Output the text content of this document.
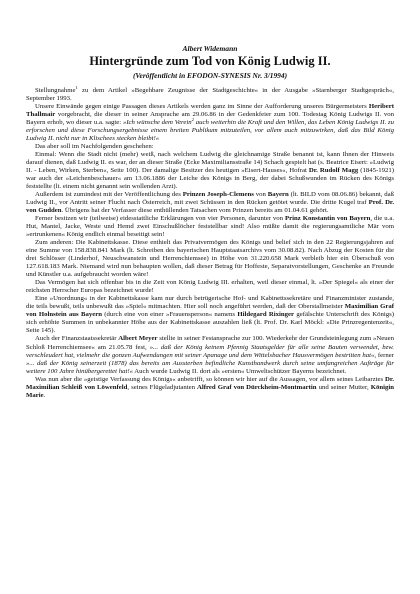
Albert Widemann
Hintergründe zum Tod von König Ludwig II.
(Veröffentlicht in EFODON-SYNESIS Nr. 3/1994)

Stellungnahme$^1$ zu dem Artikel »Begehbare Zeugnisse der Stadtgeschichte« in der Ausgabe »Starnberger Stadtgespräch«, September 1993.

Unsere Einwände gegen einige Passagen dieses Artikels werden ganz im Sinne der Aufforderung unseres Bürgermeisters Heribert Thallmair vorgebracht, die dieser in seiner Ansprache am 29.06.86 in der Gedenkfeier zum 100. Todestag König Ludwigs II. von Bayern erhob, wo dieser u.a. sagte: »Ich wünsche dem Verein$^2$ auch weiterhin die Kraft und den Willen, das Leben König Ludwigs II. zu erforschen und diese Forschungsergebnisse einem breiten Publikum mitzuteilen, vor allem auch mitzuwirken, daß das Bild König Ludwig II. nicht nur in Klischees stecken bleibt!«

Das aber soll im Nachfolgenden geschehen:

Einmal: Wenn die Stadt nicht (mehr) weiß, nach welchem Ludwig die gleichnamige Straße benannt ist, kann Ihnen der Hinweis darauf dienen, daß Ludwig II. es war, der an dieser Straße (Ecke Maximiliansstraße 14) Schach gespielt hat (s. Beatrice Eisert: »Ludwig II. - Leben, Wirken, Sterben«, Seite 100). Der damalige Besitzer des heutigen »Eisert-Hauses«, Hofrat Dr. Rudolf Magg (1845-1921) war auch der »Leichenbeschauer« am 13.06.1886 der Leiche des Königs in Berg, der dabei Schußwunden im Rücken des Königs feststellte (lt. einem nicht genannt sein wollenden Arzt).

Außerdem ist zumindest mit der Veröffentlichung des Prinzen Joseph-Clemens von Bayern (lt. BILD vom 08.06.86) bekannt, daß Ludwig II., vor Antritt seiner Flucht nach Österreich, mit zwei Schüssen in den Rücken getötet wurde. Die dritte Kugel traf Prof. Dr. von Gudden. Übrigens hat der Verfasser diese enthüllenden Tatsachen vom Prinzen bereits am 01.04.61 gehört.

Ferner besitzen wir (teilweise) eidesstattliche Erklärungen von vier Personen, darunter von Prinz Konstantin von Bayern, die u.a. Hut, Mantel, Jacke, Weste und Hemd zwei Einschußlöcher feststellbar sind! Also müßte damit die regierungsamtliche Mär vom »ertrunkenen« König endlich einmal beseitigt sein!

Zum anderen: Die Kabinettskasse. Diese enthielt das Privatvermögen des Königs und belief sich in den 22 Regierungsjahren auf eine Summe von 158.838.841 Mark (lt. Schreiben des bayerischen Hauptstaatsarchivs vom 30.08.82). Nach Abzug der Kosten für die drei Schlösser (Linderhof, Neuschwanstein und Herrenchiemsee) in Höhe von 31.220.658 Mark verbleib hier ein Überschuß von 127.618.183 Mark. Niemand wird nun behaupten wollen, daß dieser Betrag für Hoffeste, Separatvorstellungen, Geschenke an Freunde und Künstler u.a. aufgebraucht worden wäre!

Das Vermögen hat sich offenbar bis in die Zeit von König Ludwig III. erhalten, weil dieser einmal, lt. »Der Spiegel« als einer der reichsten Herrscher Europas bezeichnet wurde!

Eine »Unordnung« in der Kabinettskasse kam nur durch betrügerische Hof- und Kabinettssekretäre und Finanzminister zustande, die teils bewußt, teils unbewußt das »Spiel« mitmachten. Hier soll noch angeführt werden, daß der Oberstallmeister Maximilian Graf von Holnstein aus Bayern (durch eine von einer »Frauensperson« namens Hildegard Rixinger gefälschte Unterschrift des Königs) sich erhöhte Summen in unbekannter Höhe aus der Kabinettskasse auszahlen ließ (lt. Prof. Dr. Karl Möckl: »Die Prinzregentenzeit«, Seite 145).

Auch der Finanzstaatssekretär Albert Meyer stellte in seiner Festansprache zur 100. Wiederkehr der Grundsteinlegung zum »Neuen Schloß Herrenchiemsee« am 21.05.78 fest, »... daß der König keinem Pfennig Staatsgelder für alle seine Bauten verwendet, bzw. verschleudert hat, vielmehr die gonzen Aufwendungen mit seiner Apanage und dem Wittelsbacher Hausvermögen bestritten hat«, ferner »... daß der König seinerzeit (1878) das bereits am Aussterben befindliche Kunsthandwerk durch seine umfangreichen Aufträge für weitere 100 Jahre hinübergerettet hat!« Auch wurde Ludwig II. dort als »ersten« Umweltschützer Bayerns bezeichnet.

Was nun aber die »geistige Verfassung des Königs« anbetrifft, so können wir hier auf die Aussagen, vor allem seines Leibarztes Dr. Maximilian Schleiß von Löwenfeld, seines Flügeladjutanten Alfred Graf von Dürckheim-Montmartin und seiner Mutter, Königin Marie.
